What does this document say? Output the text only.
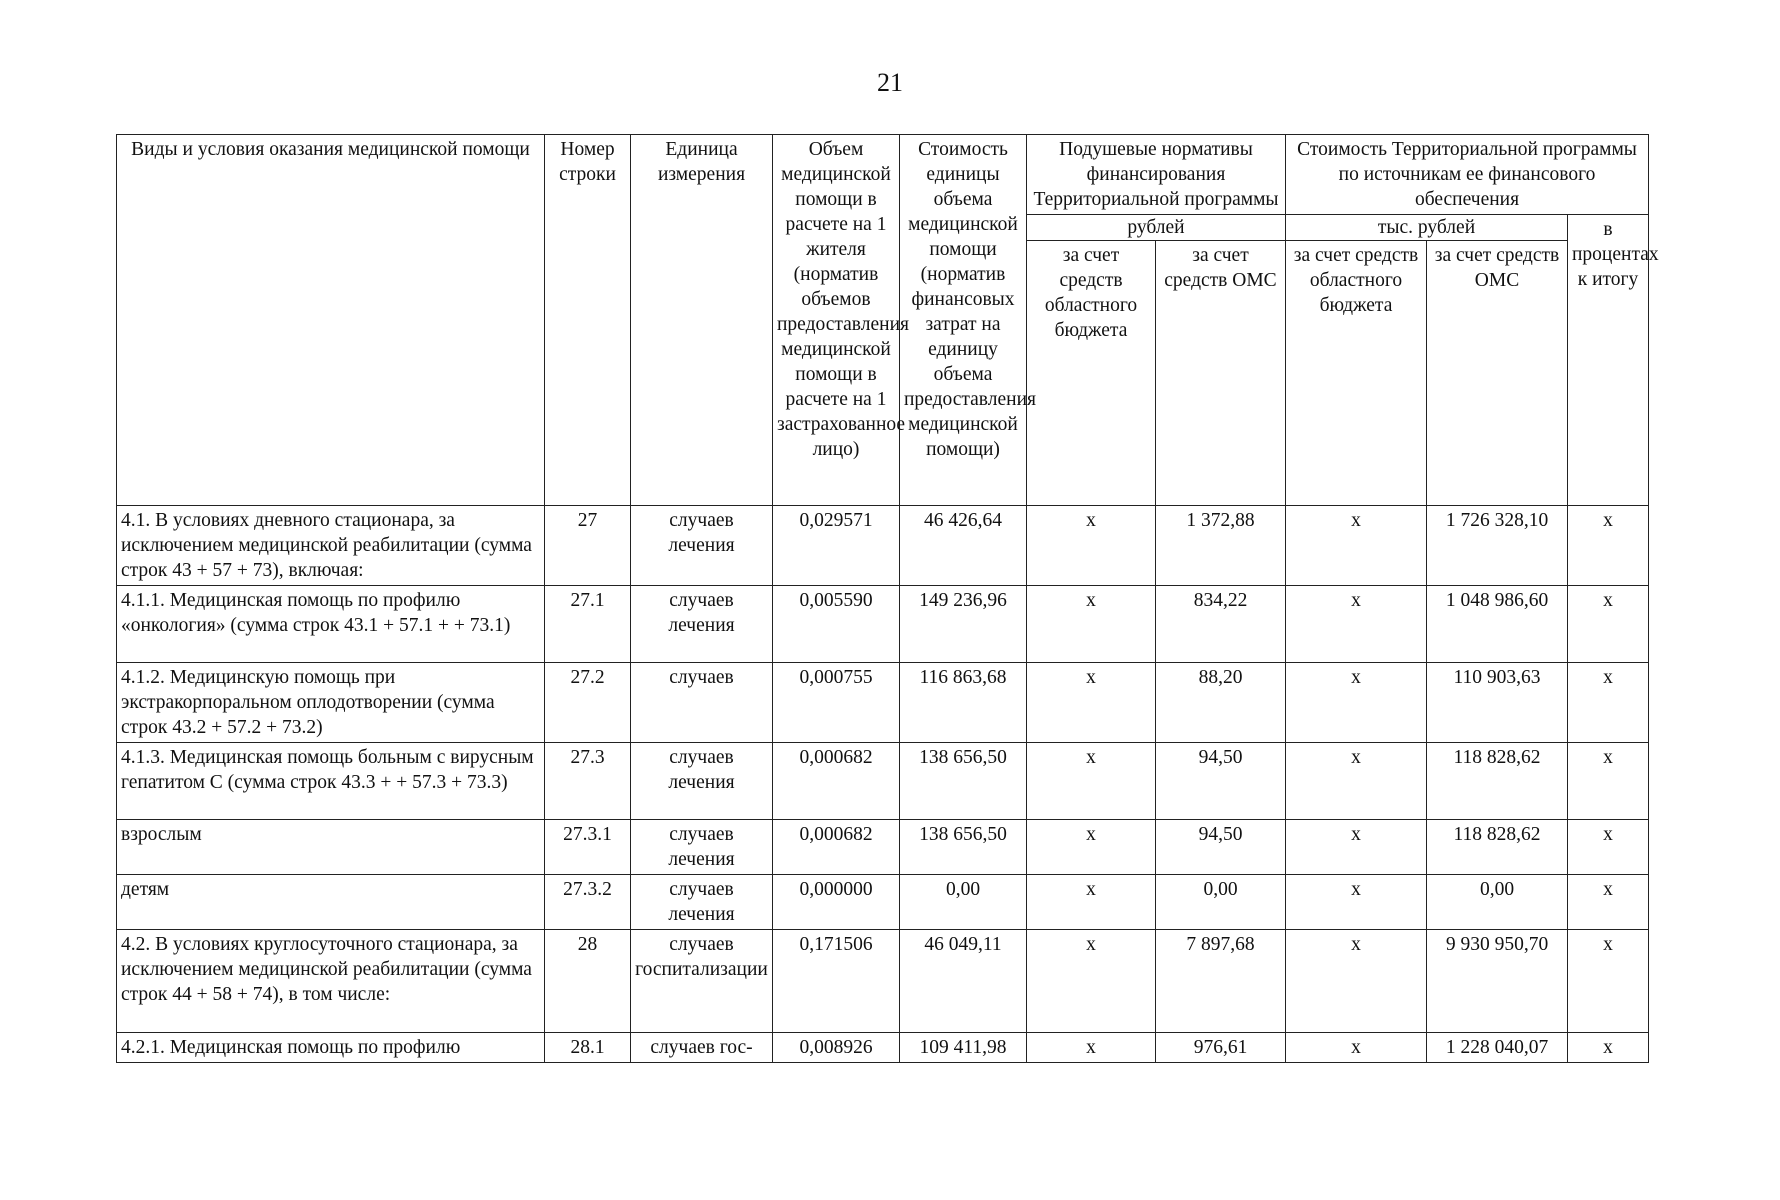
21
Виды и условия оказания медицинской помощи	Номер строки	Единица измерения	Объем медицинской помощи в расчете на 1 жителя (норматив объемов предоставления медицинской помощи в расчете на 1 застрахованное лицо)	Стоимость единицы объема медицинской помощи (норматив финансовых затрат на единицу объема предоставления медицинской помощи)	Подушевые нормативы финансирования Территориальной программы		Стоимость Территориальной программы по источникам ее финансового обеспечения		
					рублей		тыс. рублей		в процентах к итогу
					за счет средств областного бюджета	за счет средств ОМС	за счет средств областного бюджета	за счет средств ОМС	
4.1. В условиях дневного стационара, за исключением медицинской реабилитации (сумма строк 43 + 57 + 73), включая:	27	случаев лечения	0,029571	46 426,64	х	1 372,88	х	1 726 328,10	х
4.1.1. Медицинская помощь по профилю «онкология» (сумма строк 43.1 + 57.1 + + 73.1)	27.1	случаев лечения	0,005590	149 236,96	х	834,22	х	1 048 986,60	х
4.1.2. Медицинскую помощь при экстракорпоральном оплодотворении (сумма строк 43.2 + 57.2 + 73.2)	27.2	случаев	0,000755	116 863,68	х	88,20	х	110 903,63	х
4.1.3. Медицинская помощь больным с вирусным гепатитом С (сумма строк 43.3 + + 57.3 + 73.3)	27.3	случаев лечения	0,000682	138 656,50	х	94,50	х	118 828,62	х
взрослым	27.3.1	случаев лечения	0,000682	138 656,50	х	94,50	х	118 828,62	х
детям	27.3.2	случаев лечения	0,000000	0,00	х	0,00	х	0,00	х
4.2. В условиях круглосуточного стационара, за исключением медицинской реабилитации (сумма строк 44 + 58 + 74), в том числе:	28	случаев госпитализации	0,171506	46 049,11	х	7 897,68	х	9 930 950,70	х
4.2.1. Медицинская помощь по профилю	28.1	случаев гос-	0,008926	109 411,98	х	976,61	х	1 228 040,07	х
